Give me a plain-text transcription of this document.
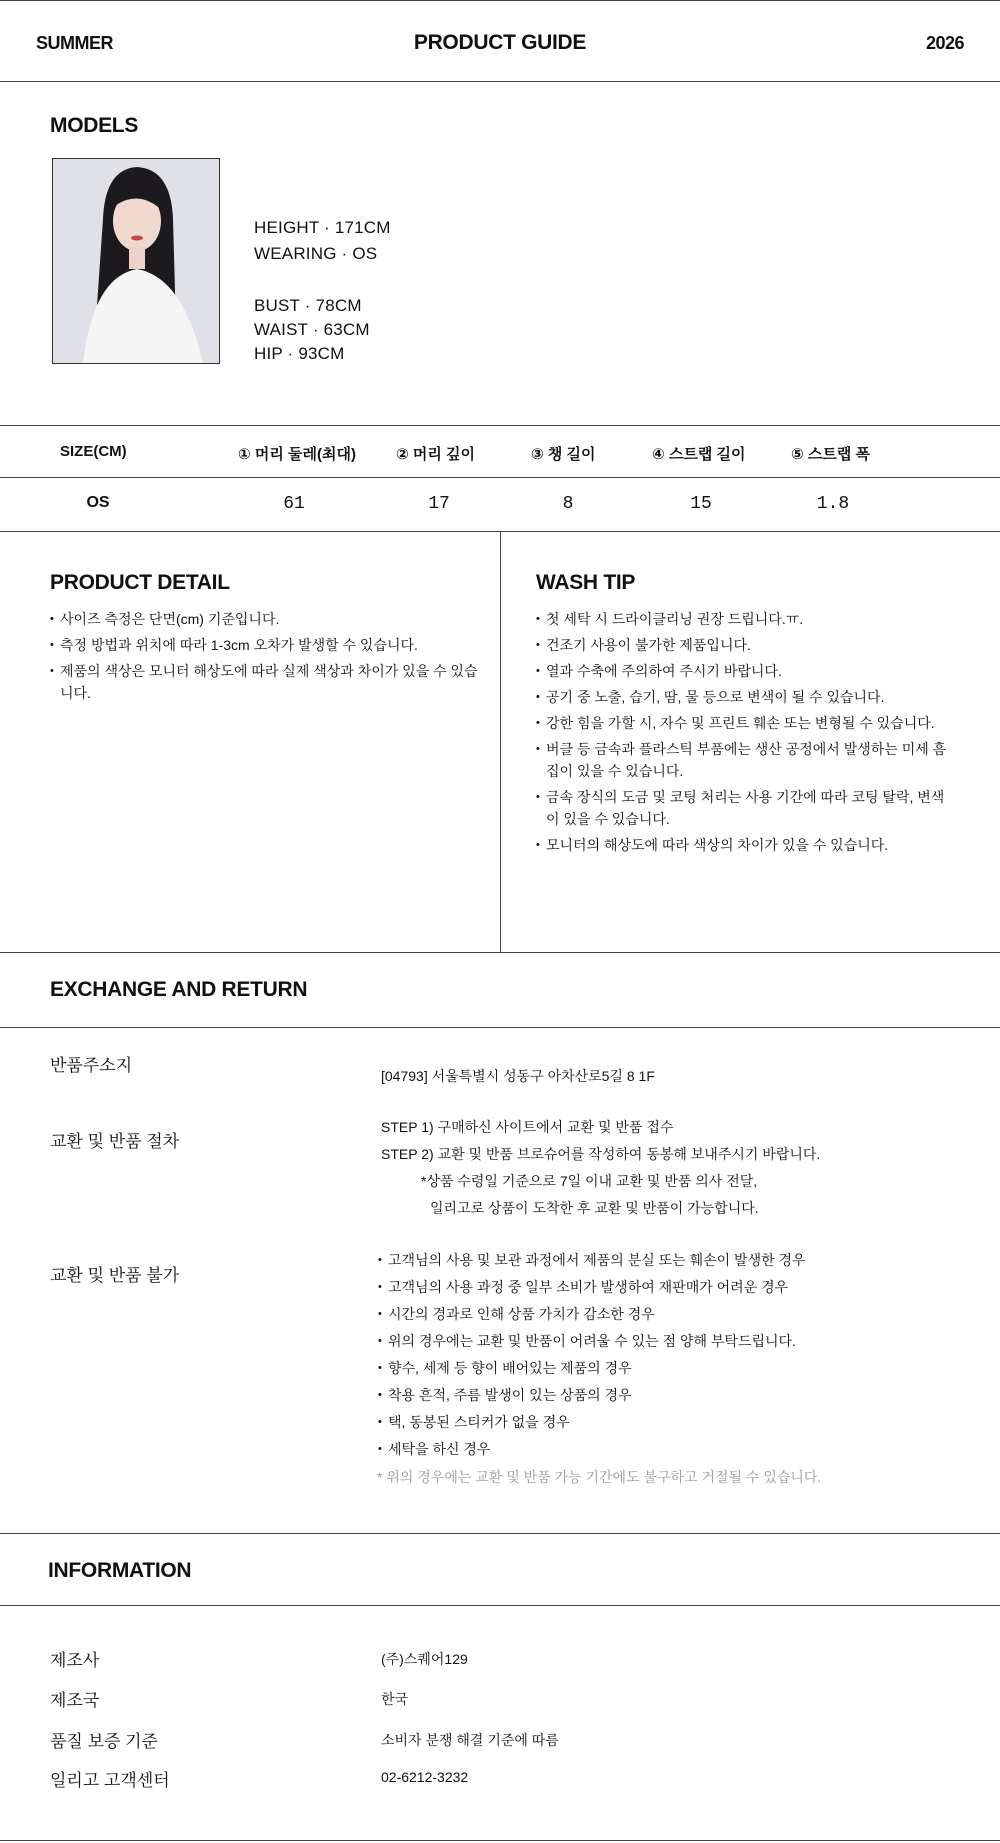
SUMMER	PRODUCT GUIDE	2026
MODELS
HEIGHT · 171CM
WEARING · OS
BUST · 78CM
WAIST · 63CM
HIP · 93CM
SIZE(CM)	① 머리 둘레(최대)	② 머리 깊이	③ 챙 길이	④ 스트랩 길이	⑤ 스트랩 폭
OS	61	17	8	15	1.8
PRODUCT DETAIL
• 사이즈 측정은 단면(cm) 기준입니다.
• 측정 방법과 위치에 따라 1-3cm 오차가 발생할 수 있습니다.
• 제품의 색상은 모니터 해상도에 따라 실제 색상과 차이가 있을 수 있습니다.
WASH TIP
• 첫 세탁 시 드라이클리닝 권장 드립니다.ㅠ.
• 건조기 사용이 불가한 제품입니다.
• 열과 수축에 주의하여 주시기 바랍니다.
• 공기 중 노출, 습기, 땀, 물 등으로 변색이 될 수 있습니다.
• 강한 힘을 가할 시, 자수 및 프린트 훼손 또는 변형될 수 있습니다.
• 버클 등 금속과 플라스틱 부품에는 생산 공정에서 발생하는 미세 흠집이 있을 수 있습니다.
• 금속 장식의 도금 및 코팅 처리는 사용 기간에 따라 코팅 탈락, 변색이 있을 수 있습니다.
• 모니터의 해상도에 따라 색상의 차이가 있을 수 있습니다.
EXCHANGE AND RETURN
반품주소지
[04793] 서울특별시 성동구 아차산로5길 8 1F
교환 및 반품 절차
STEP 1) 구매하신 사이트에서 교환 및 반품 접수
STEP 2) 교환 및 반품 브로슈어를 작성하여 동봉해 보내주시기 바랍니다.
*상품 수령일 기준으로 7일 이내 교환 및 반품 의사 전달,
일리고로 상품이 도착한 후 교환 및 반품이 가능합니다.
교환 및 반품 불가
• 고객님의 사용 및 보관 과정에서 제품의 분실 또는 훼손이 발생한 경우
• 고객님의 사용 과정 중 일부 소비가 발생하여 재판매가 어려운 경우
• 시간의 경과로 인해 상품 가치가 감소한 경우
• 위의 경우에는 교환 및 반품이 어려울 수 있는 점 양해 부탁드립니다.
• 향수, 세제 등 향이 배어있는 제품의 경우
• 착용 흔적, 주름 발생이 있는 상품의 경우
• 택, 동봉된 스티커가 없을 경우
• 세탁을 하신 경우
* 위의 경우에는 교환 및 반품 가능 기간에도 불구하고 거절될 수 있습니다.
INFORMATION
제조사	(주)스퀘어129
제조국	한국
품질 보증 기준	소비자 분쟁 해결 기준에 따름
일리고 고객센터	02-6212-3232
